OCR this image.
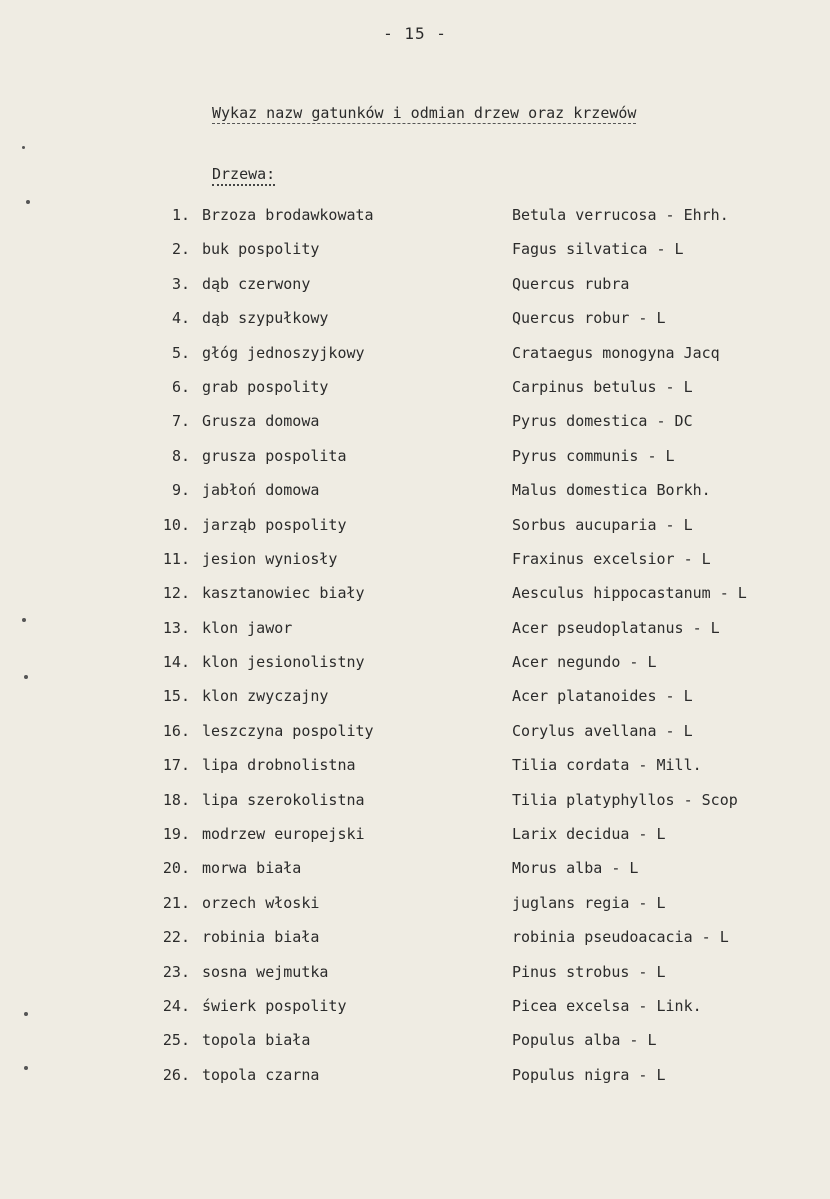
- 15 -
Wykaz nazw gatunków i odmian drzew oraz krzewów
Drzewa:
1. Brzoza brodawkowata	Betula verrucosa - Ehrh.
2. buk pospolity	Fagus silvatica - L
3. dąb czerwony	Quercus rubra
4. dąb szypułkowy	Quercus robur - L
5. głóg jednoszyjkowy	Crataegus monogyna Jacq
6. grab pospolity	Carpinus betulus - L
7. Grusza domowa	Pyrus domestica - DC
8. grusza pospolita	Pyrus communis - L
9. jabłoń domowa	Malus domestica Borkh.
10. jarząb pospolity	Sorbus aucuparia - L
11. jesion wyniosły	Fraxinus excelsior - L
12. kasztanowiec biały	Aesculus hippocastanum - L
13. klon jawor	Acer pseudoplatanus - L
14. klon jesionolistny	Acer negundo - L
15. klon zwyczajny	Acer platanoides - L
16. leszczyna pospolity	Corylus avellana - L
17. lipa drobnolistna	Tilia cordata - Mill.
18. lipa szerokolistna	Tilia platyphyllos - Scop
19. modrzew europejski	Larix decidua - L
20. morwa biała	Morus alba - L
21. orzech włoski	juglans regia - L
22. robinia biała	robinia pseudoacacia - L
23. sosna wejmutka	Pinus strobus - L
24. świerk pospolity	Picea excelsa - Link.
25. topola biała	Populus alba - L
26. topola czarna	Populus nigra - L
